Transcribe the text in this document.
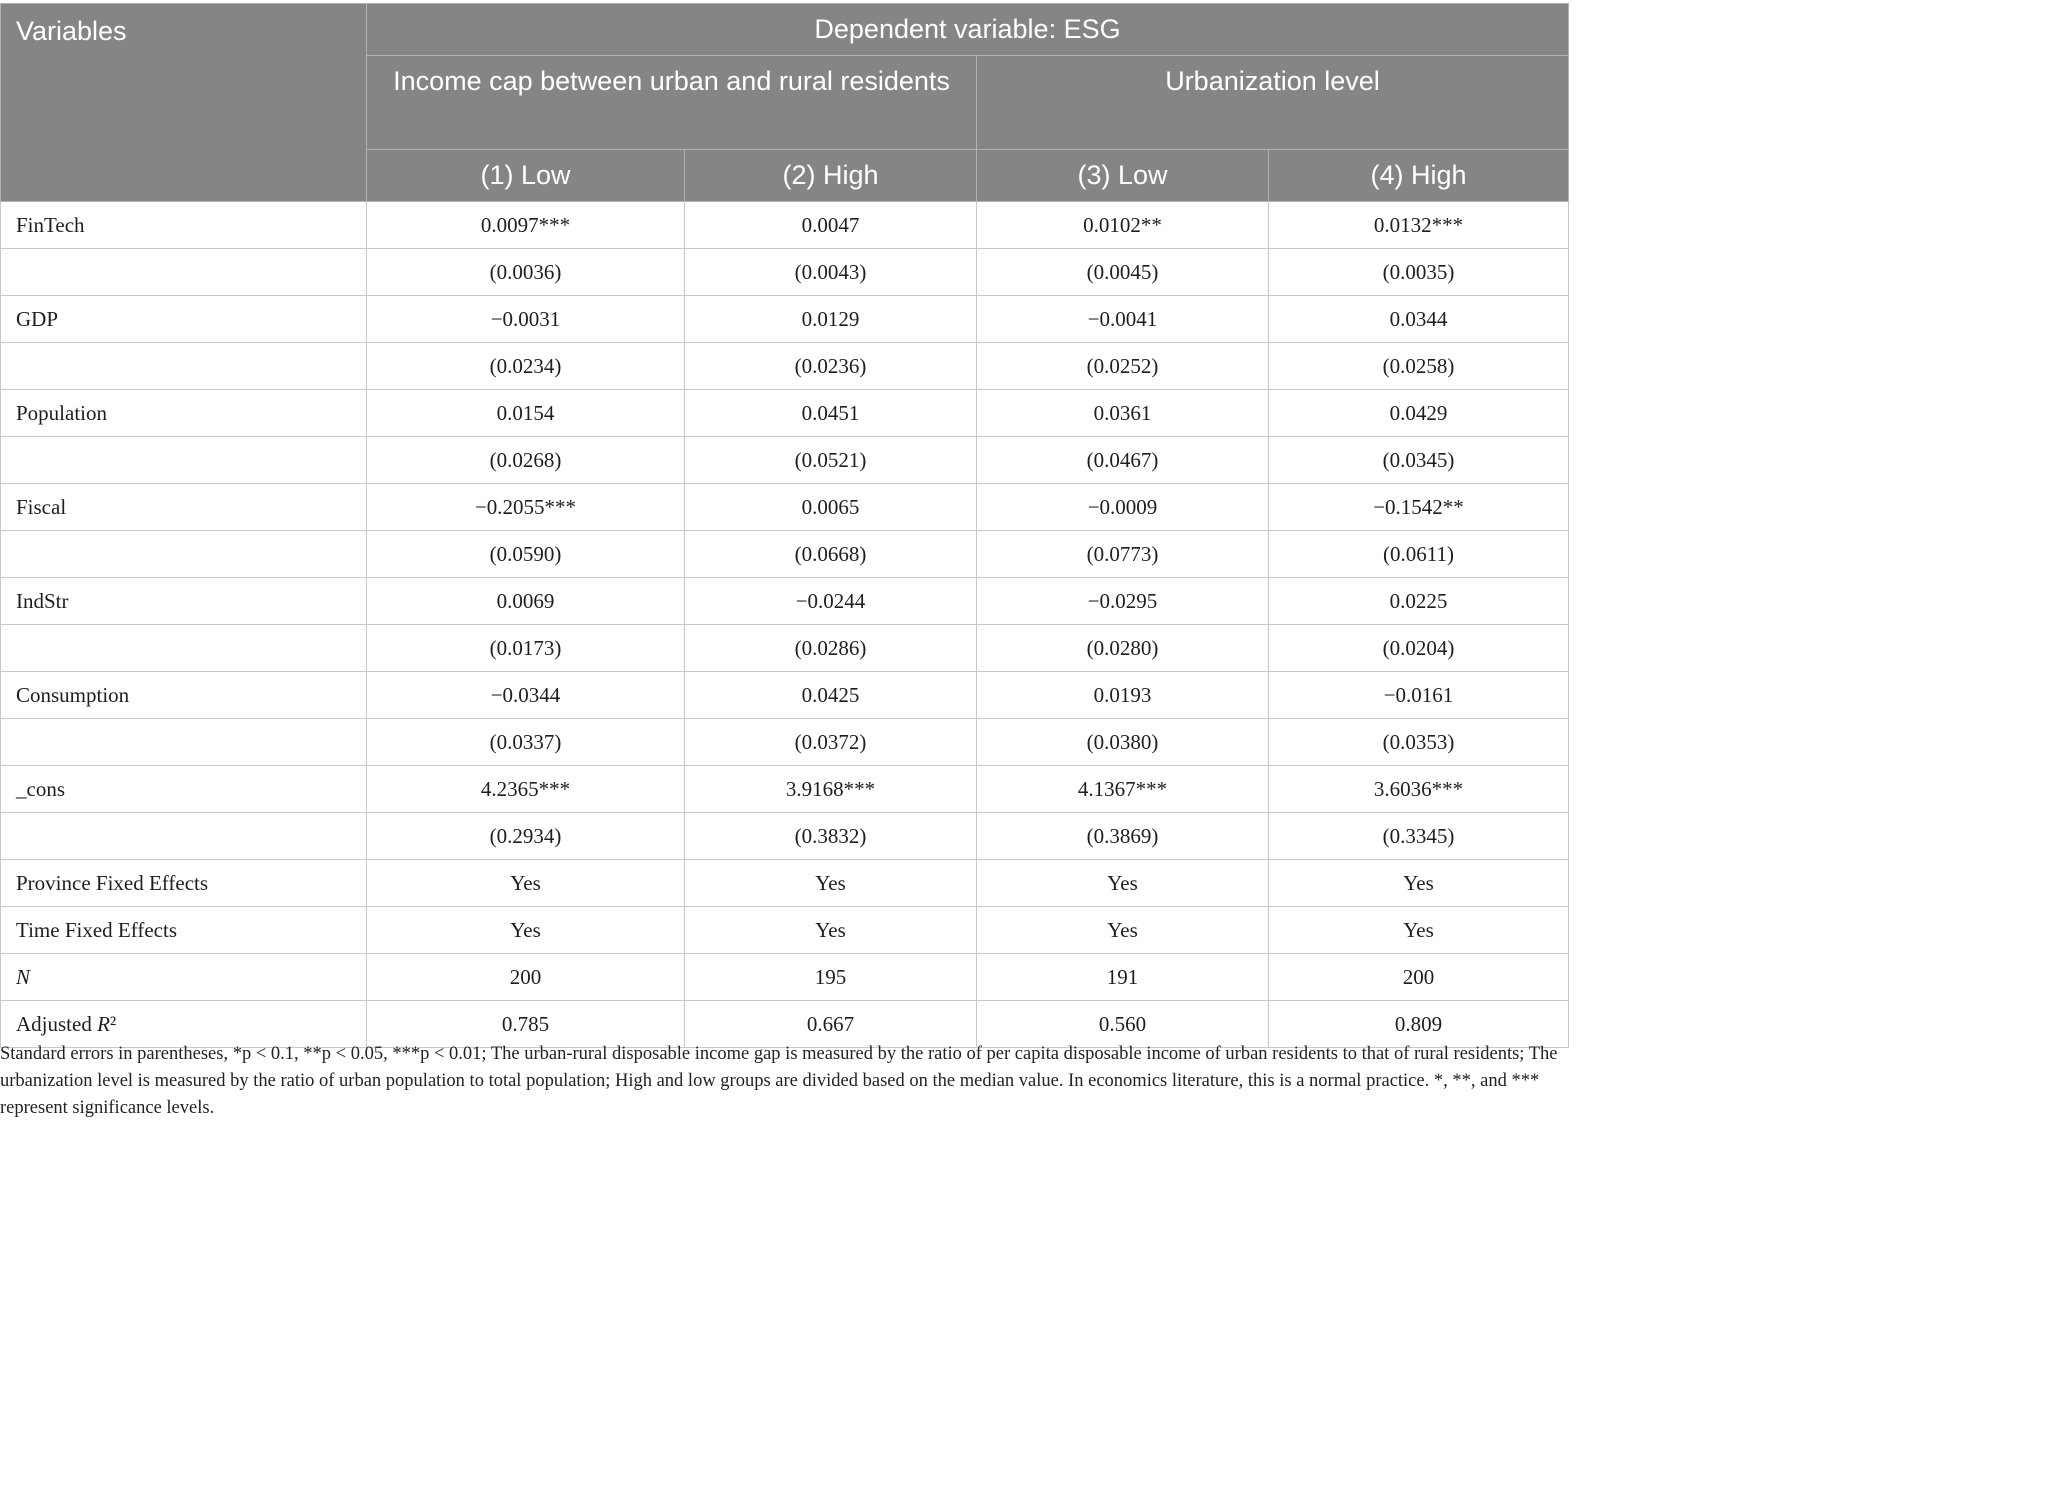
Variables	Dependent variable: ESG			
	Income cap between urban and rural residents		Urbanization level	
	(1) Low	(2) High	(3) Low	(4) High
FinTech	0.0097***	0.0047	0.0102**	0.0132***
	(0.0036)	(0.0043)	(0.0045)	(0.0035)
GDP	−0.0031	0.0129	−0.0041	0.0344
	(0.0234)	(0.0236)	(0.0252)	(0.0258)
Population	0.0154	0.0451	0.0361	0.0429
	(0.0268)	(0.0521)	(0.0467)	(0.0345)
Fiscal	−0.2055***	0.0065	−0.0009	−0.1542**
	(0.0590)	(0.0668)	(0.0773)	(0.0611)
IndStr	0.0069	−0.0244	−0.0295	0.0225
	(0.0173)	(0.0286)	(0.0280)	(0.0204)
Consumption	−0.0344	0.0425	0.0193	−0.0161
	(0.0337)	(0.0372)	(0.0380)	(0.0353)
_cons	4.2365***	3.9168***	4.1367***	3.6036***
	(0.2934)	(0.3832)	(0.3869)	(0.3345)
Province Fixed Effects	Yes	Yes	Yes	Yes
Time Fixed Effects	Yes	Yes	Yes	Yes
N	200	195	191	200
Adjusted R²	0.785	0.667	0.560	0.809

Standard errors in parentheses, *p < 0.1, **p < 0.05, ***p < 0.01; The urban-rural disposable income gap is measured by the ratio of per capita disposable income of urban residents to that of rural residents; The urbanization level is measured by the ratio of urban population to total population; High and low groups are divided based on the median value. In economics literature, this is a normal practice. *, **, and *** represent significance levels.
